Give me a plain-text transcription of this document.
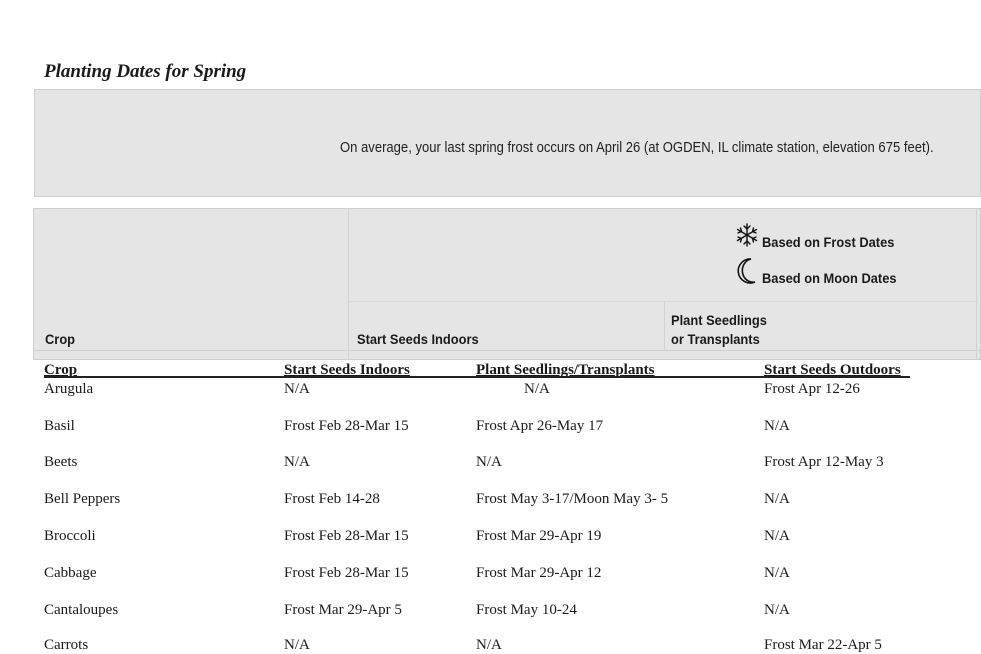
Planting Dates for Spring
On average, your last spring frost occurs on April 26 (at OGDEN, IL climate station, elevation 675 feet).
Based on Frost Dates
Based on Moon Dates
Crop	Start Seeds Indoors
Plant Seedlings
or Transplants
Crop	Start Seeds Indoors	Plant Seedlings/Transplants	Start Seeds Outdoors
Arugula	N/A	N/A	Frost Apr 12-26
Basil	Frost Feb 28-Mar 15	Frost Apr 26-May 17	N/A
Beets	N/A	N/A	Frost Apr 12-May 3
Bell Peppers	Frost Feb 14-28	Frost May 3-17/Moon May 3- 5	N/A
Broccoli	Frost Feb 28-Mar 15	Frost Mar 29-Apr 19	N/A
Cabbage	Frost Feb 28-Mar 15	Frost Mar 29-Apr 12	N/A
Cantaloupes	Frost Mar 29-Apr 5	Frost May 10-24	N/A
Carrots	N/A	N/A	Frost Mar 22-Apr 5
